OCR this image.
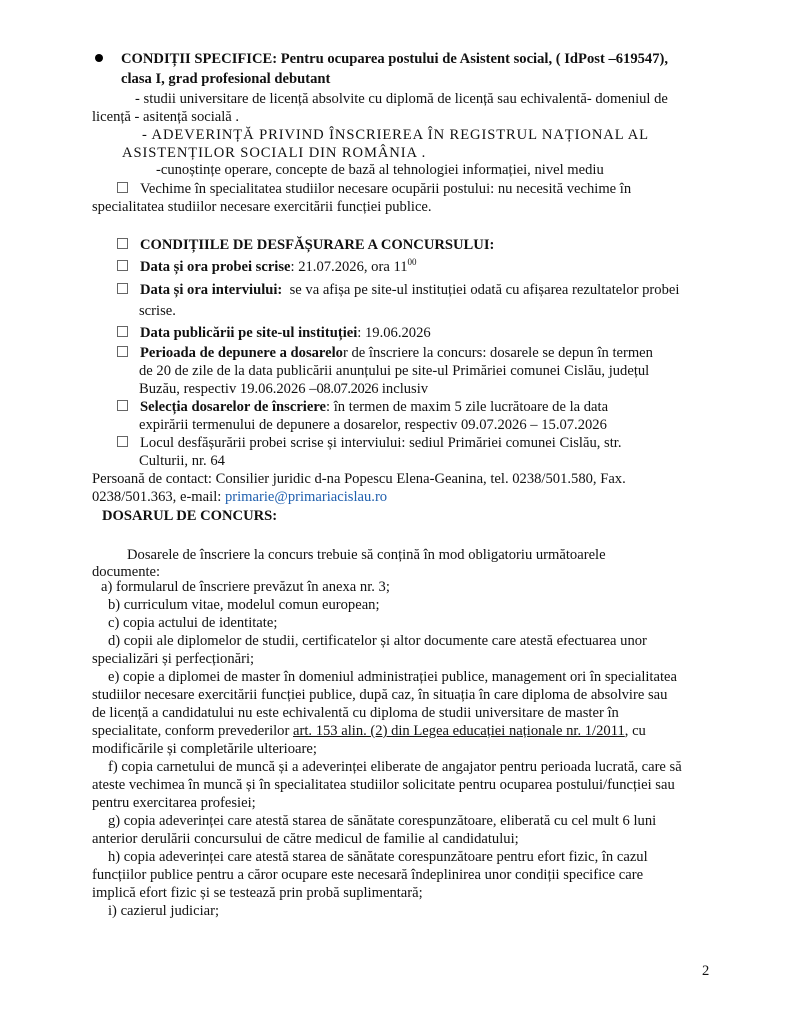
CONDIȚII SPECIFICE: Pentru ocuparea postului de Asistent social, ( IdPost –619547),
clasa I, grad profesional debutant
- studii universitare de licență absolvite cu diplomă de licență sau echivalentă- domeniul de
licență - asitență socială .
- ADEVERINȚĂ PRIVIND ÎNSCRIEREA ÎN REGISTRUL NAȚIONAL AL
ASISTENȚILOR SOCIALI DIN ROMÂNIA .
-cunoștințe operare, concepte de bază al tehnologiei informației, nivel mediu
Vechime în specialitatea studiilor necesare ocupării postului: nu necesită vechime în
specialitatea studiilor necesare exercitării funcției publice.
CONDIȚIILE DE DESFĂȘURARE A CONCURSULUI:
Data și ora probei scrise: 21.07.2026, ora $11^{00}$
Data și ora interviului: se va afișa pe site-ul instituției odată cu afișarea rezultatelor probei
scrise.
Data publicării pe site-ul instituției: 19.06.2026
Perioada de depunere a dosarelor de înscriere la concurs: dosarele se depun în termen
de 20 de zile de la data publicării anunțului pe site-ul Primăriei comunei Cislău, județul
Buzău, respectiv 19.06.2026 –08.07.2026 inclusiv
Selecția dosarelor de înscriere: în termen de maxim 5 zile lucrătoare de la data
expirării termenului de depunere a dosarelor, respectiv 09.07.2026 – 15.07.2026
Locul desfășurării probei scrise și interviului: sediul Primăriei comunei Cislău, str.
Culturii, nr. 64
Persoană de contact: Consilier juridic d-na Popescu Elena-Geanina, tel. 0238/501.580, Fax.
0238/501.363, e-mail: primarie@primariacislau.ro
DOSARUL DE CONCURS:
Dosarele de înscriere la concurs trebuie să conțină în mod obligatoriu următoarele
documente:
a) formularul de înscriere prevăzut în anexa nr. 3;
b) curriculum vitae, modelul comun european;
c) copia actului de identitate;
d) copii ale diplomelor de studii, certificatelor și altor documente care atestă efectuarea unor
specializări și perfecționări;
e) copie a diplomei de master în domeniul administrației publice, management ori în specialitatea
studiilor necesare exercitării funcției publice, după caz, în situația în care diploma de absolvire sau
de licență a candidatului nu este echivalentă cu diploma de studii universitare de master în
specialitate, conform prevederilor art. 153 alin. (2) din Legea educației naționale nr. 1/2011, cu
modificările și completările ulterioare;
f) copia carnetului de muncă și a adeverinței eliberate de angajator pentru perioada lucrată, care să
ateste vechimea în muncă și în specialitatea studiilor solicitate pentru ocuparea postului/funcției sau
pentru exercitarea profesiei;
g) copia adeverinței care atestă starea de sănătate corespunzătoare, eliberată cu cel mult 6 luni
anterior derulării concursului de către medicul de familie al candidatului;
h) copia adeverinței care atestă starea de sănătate corespunzătoare pentru efort fizic, în cazul
funcțiilor publice pentru a căror ocupare este necesară îndeplinirea unor condiții specifice care
implică efort fizic și se testează prin probă suplimentară;
i) cazierul judiciar;
2
